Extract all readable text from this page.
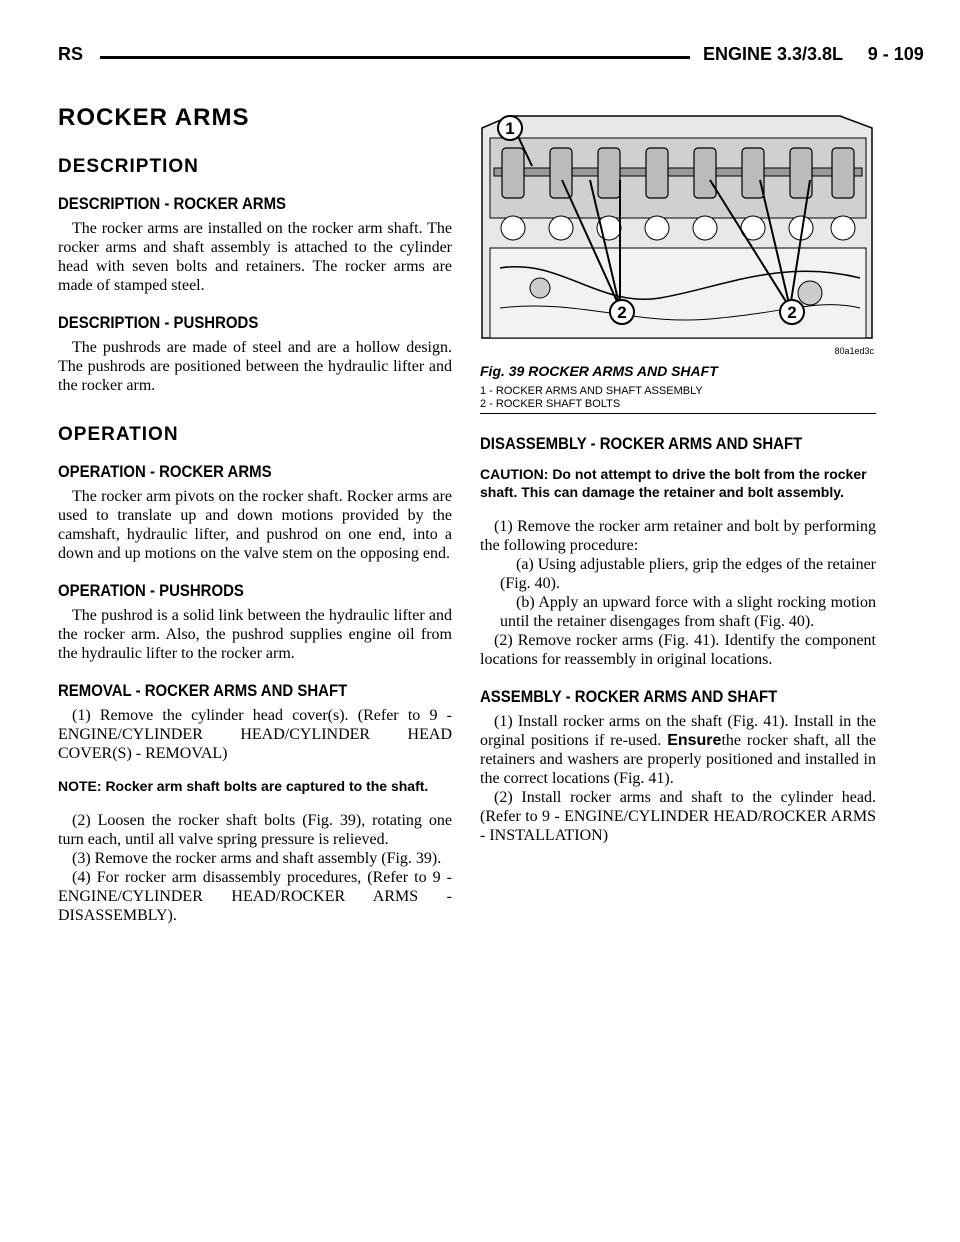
RS	ENGINE 3.3/3.8L     9 - 109
ROCKER ARMS
DESCRIPTION
DESCRIPTION - ROCKER ARMS

The rocker arms are installed on the rocker arm shaft. The rocker arms and shaft assembly is attached to the cylinder head with seven bolts and retainers. The rocker arms are made of stamped steel.

DESCRIPTION - PUSHRODS

The pushrods are made of steel and are a hollow design. The pushrods are positioned between the hydraulic lifter and the rocker arm.

OPERATION
OPERATION - ROCKER ARMS

The rocker arm pivots on the rocker shaft. Rocker arms are used to translate up and down motions provided by the camshaft, hydraulic lifter, and pushrod on one end, into a down and up motions on the valve stem on the opposing end.

OPERATION - PUSHRODS

The pushrod is a solid link between the hydraulic lifter and the rocker arm. Also, the pushrod supplies engine oil from the hydraulic lifter to the rocker arm.

REMOVAL - ROCKER ARMS AND SHAFT

(1) Remove the cylinder head cover(s). (Refer to 9 - ENGINE/CYLINDER HEAD/CYLINDER HEAD COVER(S) - REMOVAL)

NOTE: Rocker arm shaft bolts are captured to the shaft.

(2) Loosen the rocker shaft bolts (Fig. 39), rotating one turn each, until all valve spring pressure is relieved.

(3) Remove the rocker arms and shaft assembly (Fig. 39).

(4) For rocker arm disassembly procedures, (Refer to 9 - ENGINE/CYLINDER HEAD/ROCKER ARMS - DISASSEMBLY).

1
2	2
80a1ed3c
Fig. 39 ROCKER ARMS AND SHAFT
1 - ROCKER ARMS AND SHAFT ASSEMBLY
2 - ROCKER SHAFT BOLTS
DISASSEMBLY - ROCKER ARMS AND SHAFT

CAUTION: Do not attempt to drive the bolt from the rocker shaft. This can damage the retainer and bolt assembly.

(1) Remove the rocker arm retainer and bolt by performing the following procedure:

(a) Using adjustable pliers, grip the edges of the retainer (Fig. 40).

(b) Apply an upward force with a slight rocking motion until the retainer disengages from shaft (Fig. 40).

(2) Remove rocker arms (Fig. 41). Identify the component locations for reassembly in original locations.

ASSEMBLY - ROCKER ARMS AND SHAFT

(1) Install rocker arms on the shaft (Fig. 41). Install in the orginal positions if re-used. Ensurethe rocker shaft, all the retainers and washers are properly positioned and installed in the correct locations (Fig. 41).

(2) Install rocker arms and shaft to the cylinder head. (Refer to 9 - ENGINE/CYLINDER HEAD/ROCKER ARMS - INSTALLATION)
